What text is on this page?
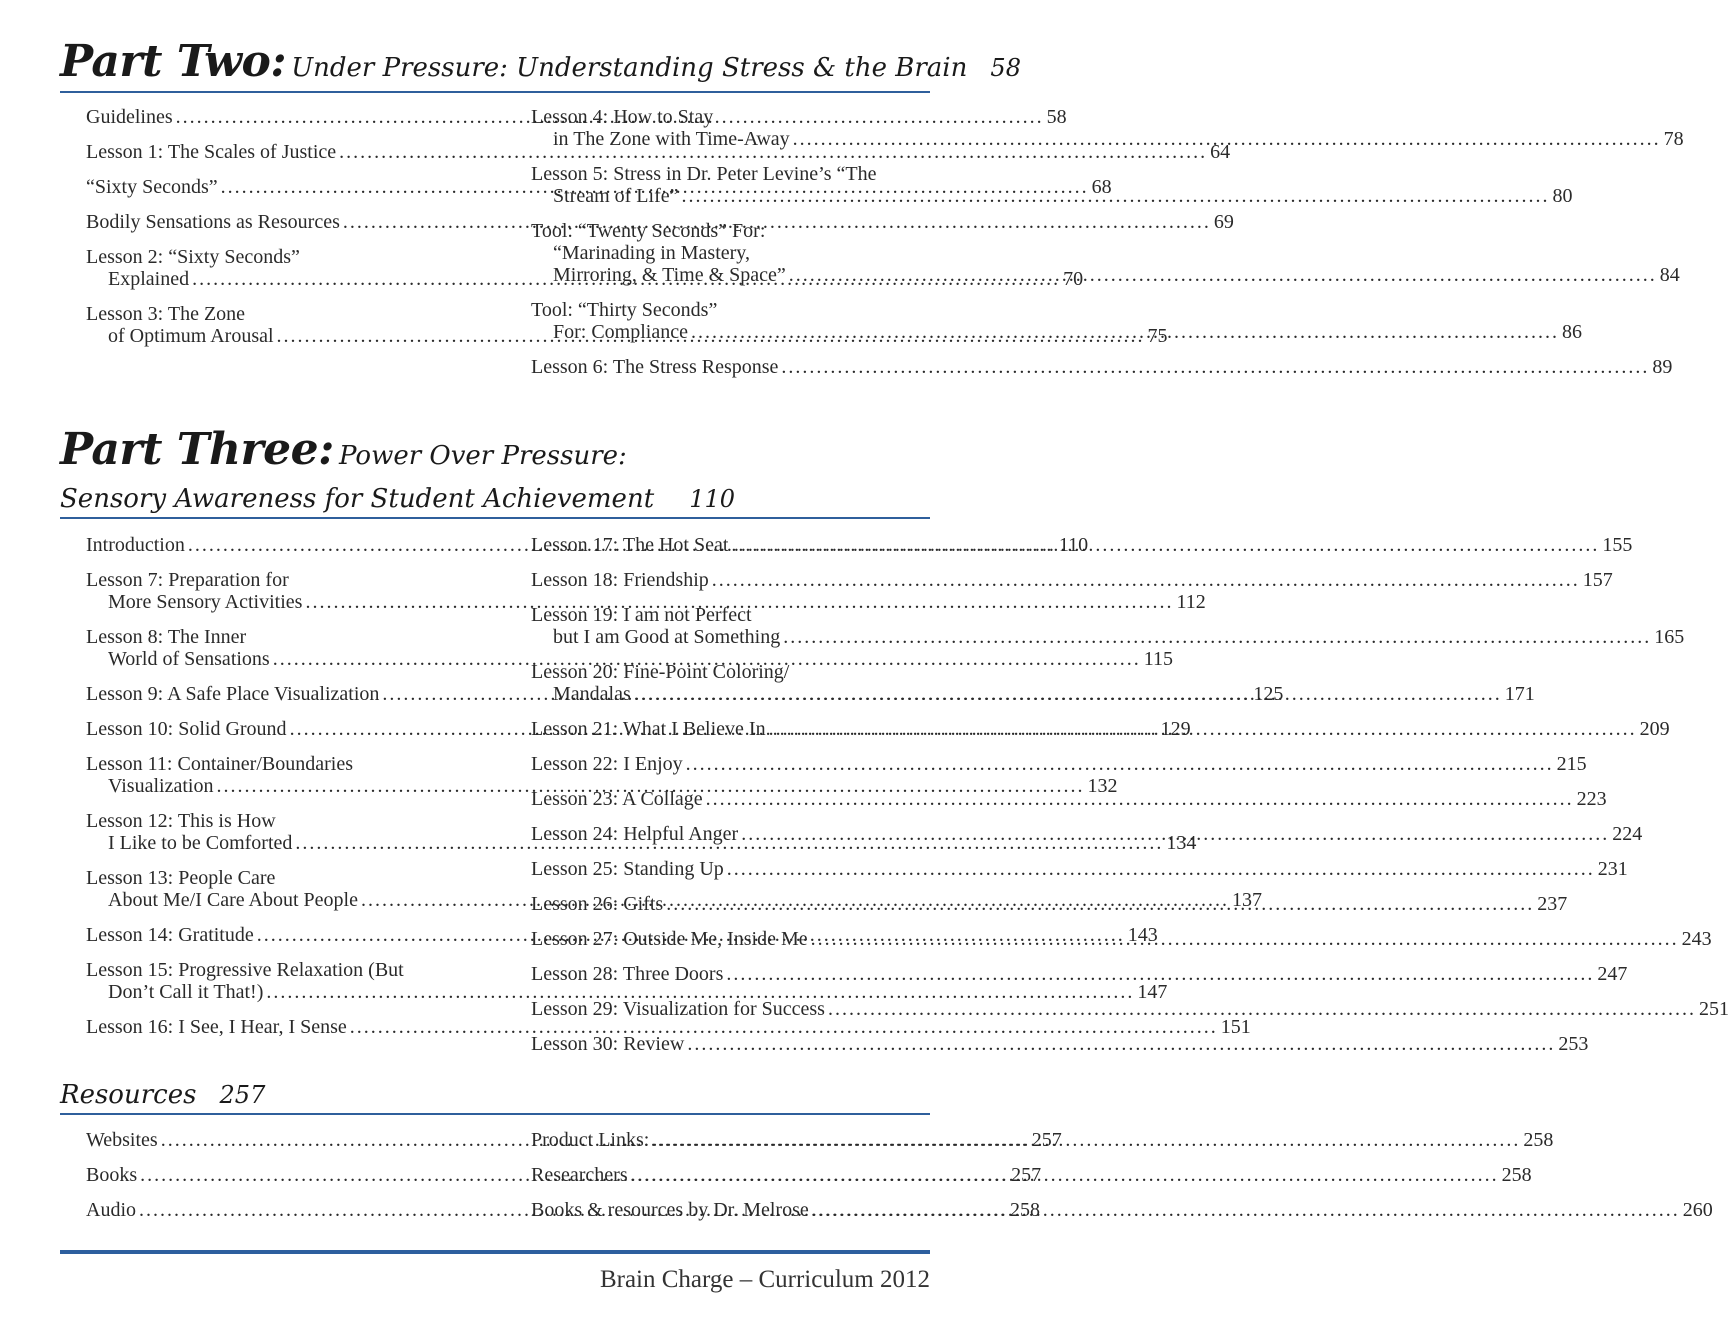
Part Two: Under Pressure: Understanding Stress & the Brain 58
Guidelines .....	58
Lesson 1: The Scales of Justice .....	64
“Sixty Seconds” .....	68
Bodily Sensations as Resources .....	69
Lesson 2: “Sixty Seconds”
Explained .....	70
Lesson 3: The Zone
of Optimum Arousal .....	75
Lesson 4: How to Stay
in The Zone with Time-Away .....	78
Lesson 5: Stress in Dr. Peter Levine’s “The
Stream of Life” .....	80
Tool: “Twenty Seconds” For:
“Marinading in Mastery,
Mirroring, & Time & Space” .....	84
Tool: “Thirty Seconds”
For: Compliance .....	86
Lesson 6: The Stress Response .....	89
Part Three: Power Over Pressure:
Sensory Awareness for Student Achievement 110
Introduction .....	110
Lesson 7: Preparation for
More Sensory Activities .....	112
Lesson 8: The Inner
World of Sensations .....	115
Lesson 9: A Safe Place Visualization .....	125
Lesson 10: Solid Ground .....	129
Lesson 11: Container/Boundaries
Visualization .....	132
Lesson 12: This is How
I Like to be Comforted .....	134
Lesson 13: People Care
About Me/I Care About People .....	137
Lesson 14: Gratitude .....	143
Lesson 15: Progressive Relaxation (But
Don’t Call it That!) .....	147
Lesson 16: I See, I Hear, I Sense .....	151
Lesson 17: The Hot Seat .....	155
Lesson 18: Friendship .....	157
Lesson 19: I am not Perfect
but I am Good at Something .....	165
Lesson 20: Fine-Point Coloring/
Mandalas .....	171
Lesson 21: What I Believe In .....	209
Lesson 22: I Enjoy .....	215
Lesson 23: A Collage .....	223
Lesson 24: Helpful Anger .....	224
Lesson 25: Standing Up .....	231
Lesson 26: Gifts .....	237
Lesson 27: Outside Me, Inside Me .....	243
Lesson 28: Three Doors .....	247
Lesson 29: Visualization for Success .....	251
Lesson 30: Review .....	253
Resources 257
Websites .....	257
Books .....	257
Audio .....	258
Product Links: .....	258
Researchers .....	258
Books & resources by Dr. Melrose .....	260
Brain Charge – Curriculum 2012
